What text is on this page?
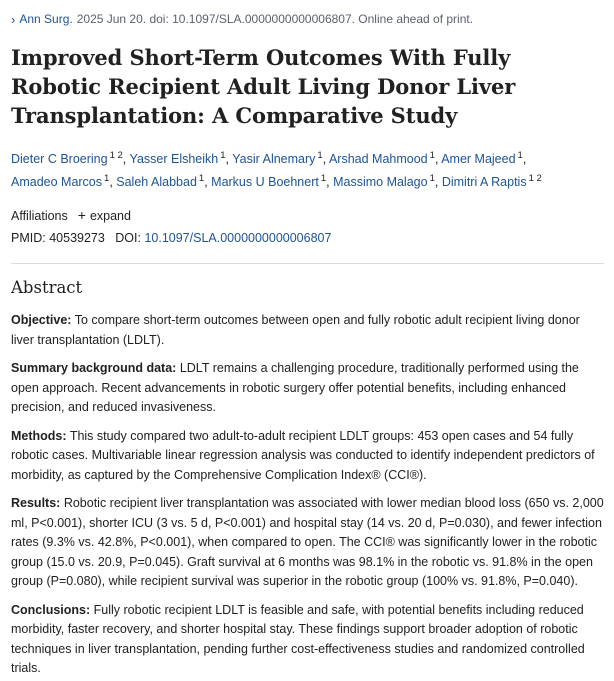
› Ann Surg. 2025 Jun 20. doi: 10.1097/SLA.0000000000006807. Online ahead of print.
Improved Short-Term Outcomes With Fully Robotic Recipient Adult Living Donor Liver Transplantation: A Comparative Study
Dieter C Broering $^{1 2}$, Yasser Elsheikh $^1$, Yasir Alnemary $^1$, Arshad Mahmood $^1$, Amer Majeed $^1$,
Amadeo Marcos $^1$, Saleh Alabbad $^1$, Markus U Boehnert $^1$, Massimo Malago $^1$, Dimitri A Raptis $^{1 2}$
Affiliations + expand
PMID: 40539273 DOI: 10.1097/SLA.0000000000006807
Abstract

Objective: To compare short-term outcomes between open and fully robotic adult recipient living donor liver transplantation (LDLT).

Summary background data: LDLT remains a challenging procedure, traditionally performed using the open approach. Recent advancements in robotic surgery offer potential benefits, including enhanced precision, and reduced invasiveness.

Methods: This study compared two adult-to-adult recipient LDLT groups: 453 open cases and 54 fully robotic cases. Multivariable linear regression analysis was conducted to identify independent predictors of morbidity, as captured by the Comprehensive Complication Index® (CCI®).

Results: Robotic recipient liver transplantation was associated with lower median blood loss (650 vs. 2,000 ml, P<0.001), shorter ICU (3 vs. 5 d, P<0.001) and hospital stay (14 vs. 20 d, P=0.030), and fewer infection rates (9.3% vs. 42.8%, P<0.001), when compared to open. The CCI® was significantly lower in the robotic group (15.0 vs. 20.9, P=0.045). Graft survival at 6 months was 98.1% in the robotic vs. 91.8% in the open group (P=0.080), while recipient survival was superior in the robotic group (100% vs. 91.8%, P=0.040).

Conclusions: Fully robotic recipient LDLT is feasible and safe, with potential benefits including reduced morbidity, faster recovery, and shorter hospital stay. These findings support broader adoption of robotic techniques in liver transplantation, pending further cost-effectiveness studies and randomized controlled trials.
